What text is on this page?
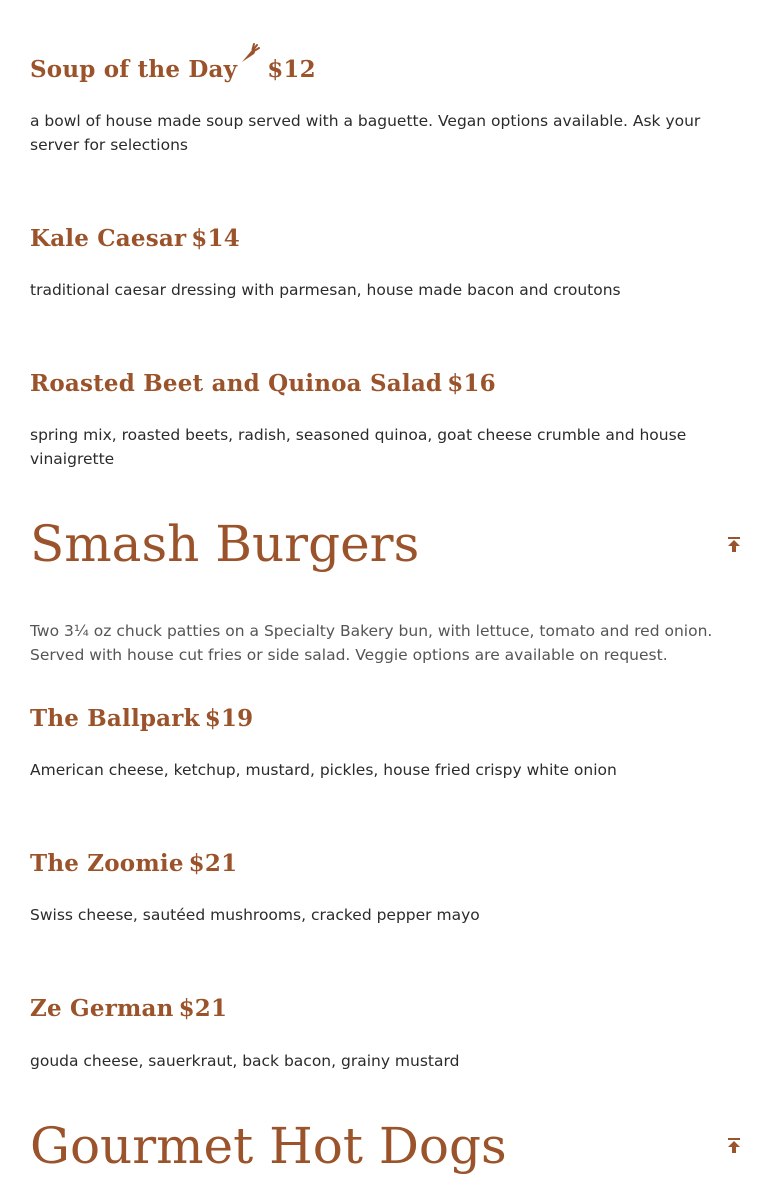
Soup of the Day $12

a bowl of house made soup served with a baguette. Vegan options available. Ask your server for selections

Kale Caesar $14

traditional caesar dressing with parmesan, house made bacon and croutons

Roasted Beet and Quinoa Salad $16

spring mix, roasted beets, radish, seasoned quinoa, goat cheese crumble and house vinaigrette

Smash Burgers

Two 3¼ oz chuck patties on a Specialty Bakery bun, with lettuce, tomato and red onion. Served with house cut fries or side salad. Veggie options are available on request.

The Ballpark $19

American cheese, ketchup, mustard, pickles, house fried crispy white onion

The Zoomie $21

Swiss cheese, sautéed mushrooms, cracked pepper mayo

Ze German $21

gouda cheese, sauerkraut, back bacon, grainy mustard

Gourmet Hot Dogs
